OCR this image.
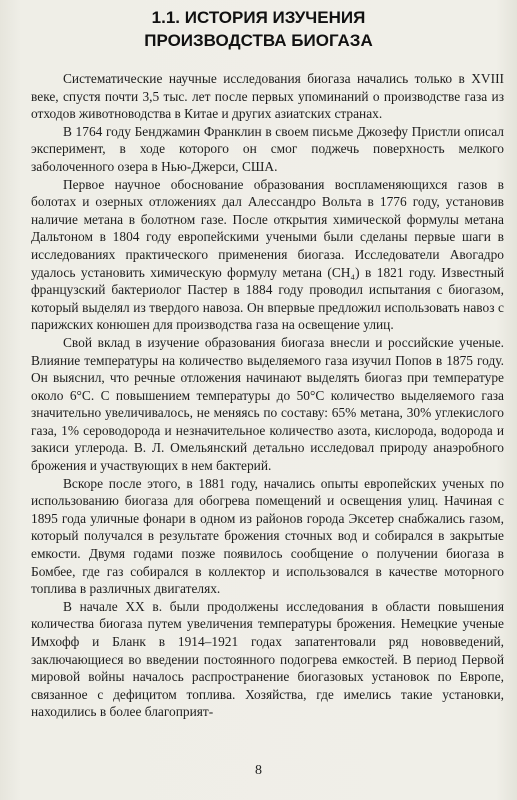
1.1. ИСТОРИЯ ИЗУЧЕНИЯ
ПРОИЗВОДСТВА БИОГАЗА

Систематические научные исследования биогаза начались только в XVIII веке, спустя почти 3,5 тыс. лет после первых упоминаний о производстве газа из отходов животноводства в Китае и других азиатских странах.

В 1764 году Бенджамин Франклин в своем письме Джозефу Пристли описал эксперимент, в ходе которого он смог поджечь поверхность мелкого заболоченного озера в Нью-Джерси, США.

Первое научное обоснование образования воспламеняющихся газов в болотах и озерных отложениях дал Алессандро Вольта в 1776 году, установив наличие метана в болотном газе. После открытия химической формулы метана Дальтоном в 1804 году европейскими учеными были сделаны первые шаги в исследованиях практического применения биогаза. Исследователи Авогадро удалось установить химическую формулу метана (CH₄) в 1821 году. Известный французский бактериолог Пастер в 1884 году проводил испытания с биогазом, который выделял из твердого навоза. Он впервые предложил использовать навоз с парижских конюшен для производства газа на освещение улиц.

Свой вклад в изучение образования биогаза внесли и российские ученые. Влияние температуры на количество выделяемого газа изучил Попов в 1875 году. Он выяснил, что речные отложения начинают выделять биогаз при температуре около 6°С. С повышением температуры до 50°С количество выделяемого газа значительно увеличивалось, не меняясь по составу: 65% метана, 30% углекислого газа, 1% сероводорода и незначительное количество азота, кислорода, водорода и закиси углерода. В. Л. Омельянский детально исследовал природу анаэробного брожения и участвующих в нем бактерий.

Вскоре после этого, в 1881 году, начались опыты европейских ученых по использованию биогаза для обогрева помещений и освещения улиц. Начиная с 1895 года уличные фонари в одном из районов города Эксетер снабжались газом, который получался в результате брожения сточных вод и собирался в закрытые емкости. Двумя годами позже появилось сообщение о получении биогаза в Бомбее, где газ собирался в коллектор и использовался в качестве моторного топлива в различных двигателях.

В начале XX в. были продолжены исследования в области повышения количества биогаза путем увеличения температуры брожения. Немецкие ученые Имхофф и Бланк в 1914–1921 годах запатентовали ряд нововведений, заключающиеся во введении постоянного подогрева емкостей. В период Первой мировой войны началось распространение биогазовых установок по Европе, связанное с дефицитом топлива. Хозяйства, где имелись такие установки, находились в более благоприят-

8
